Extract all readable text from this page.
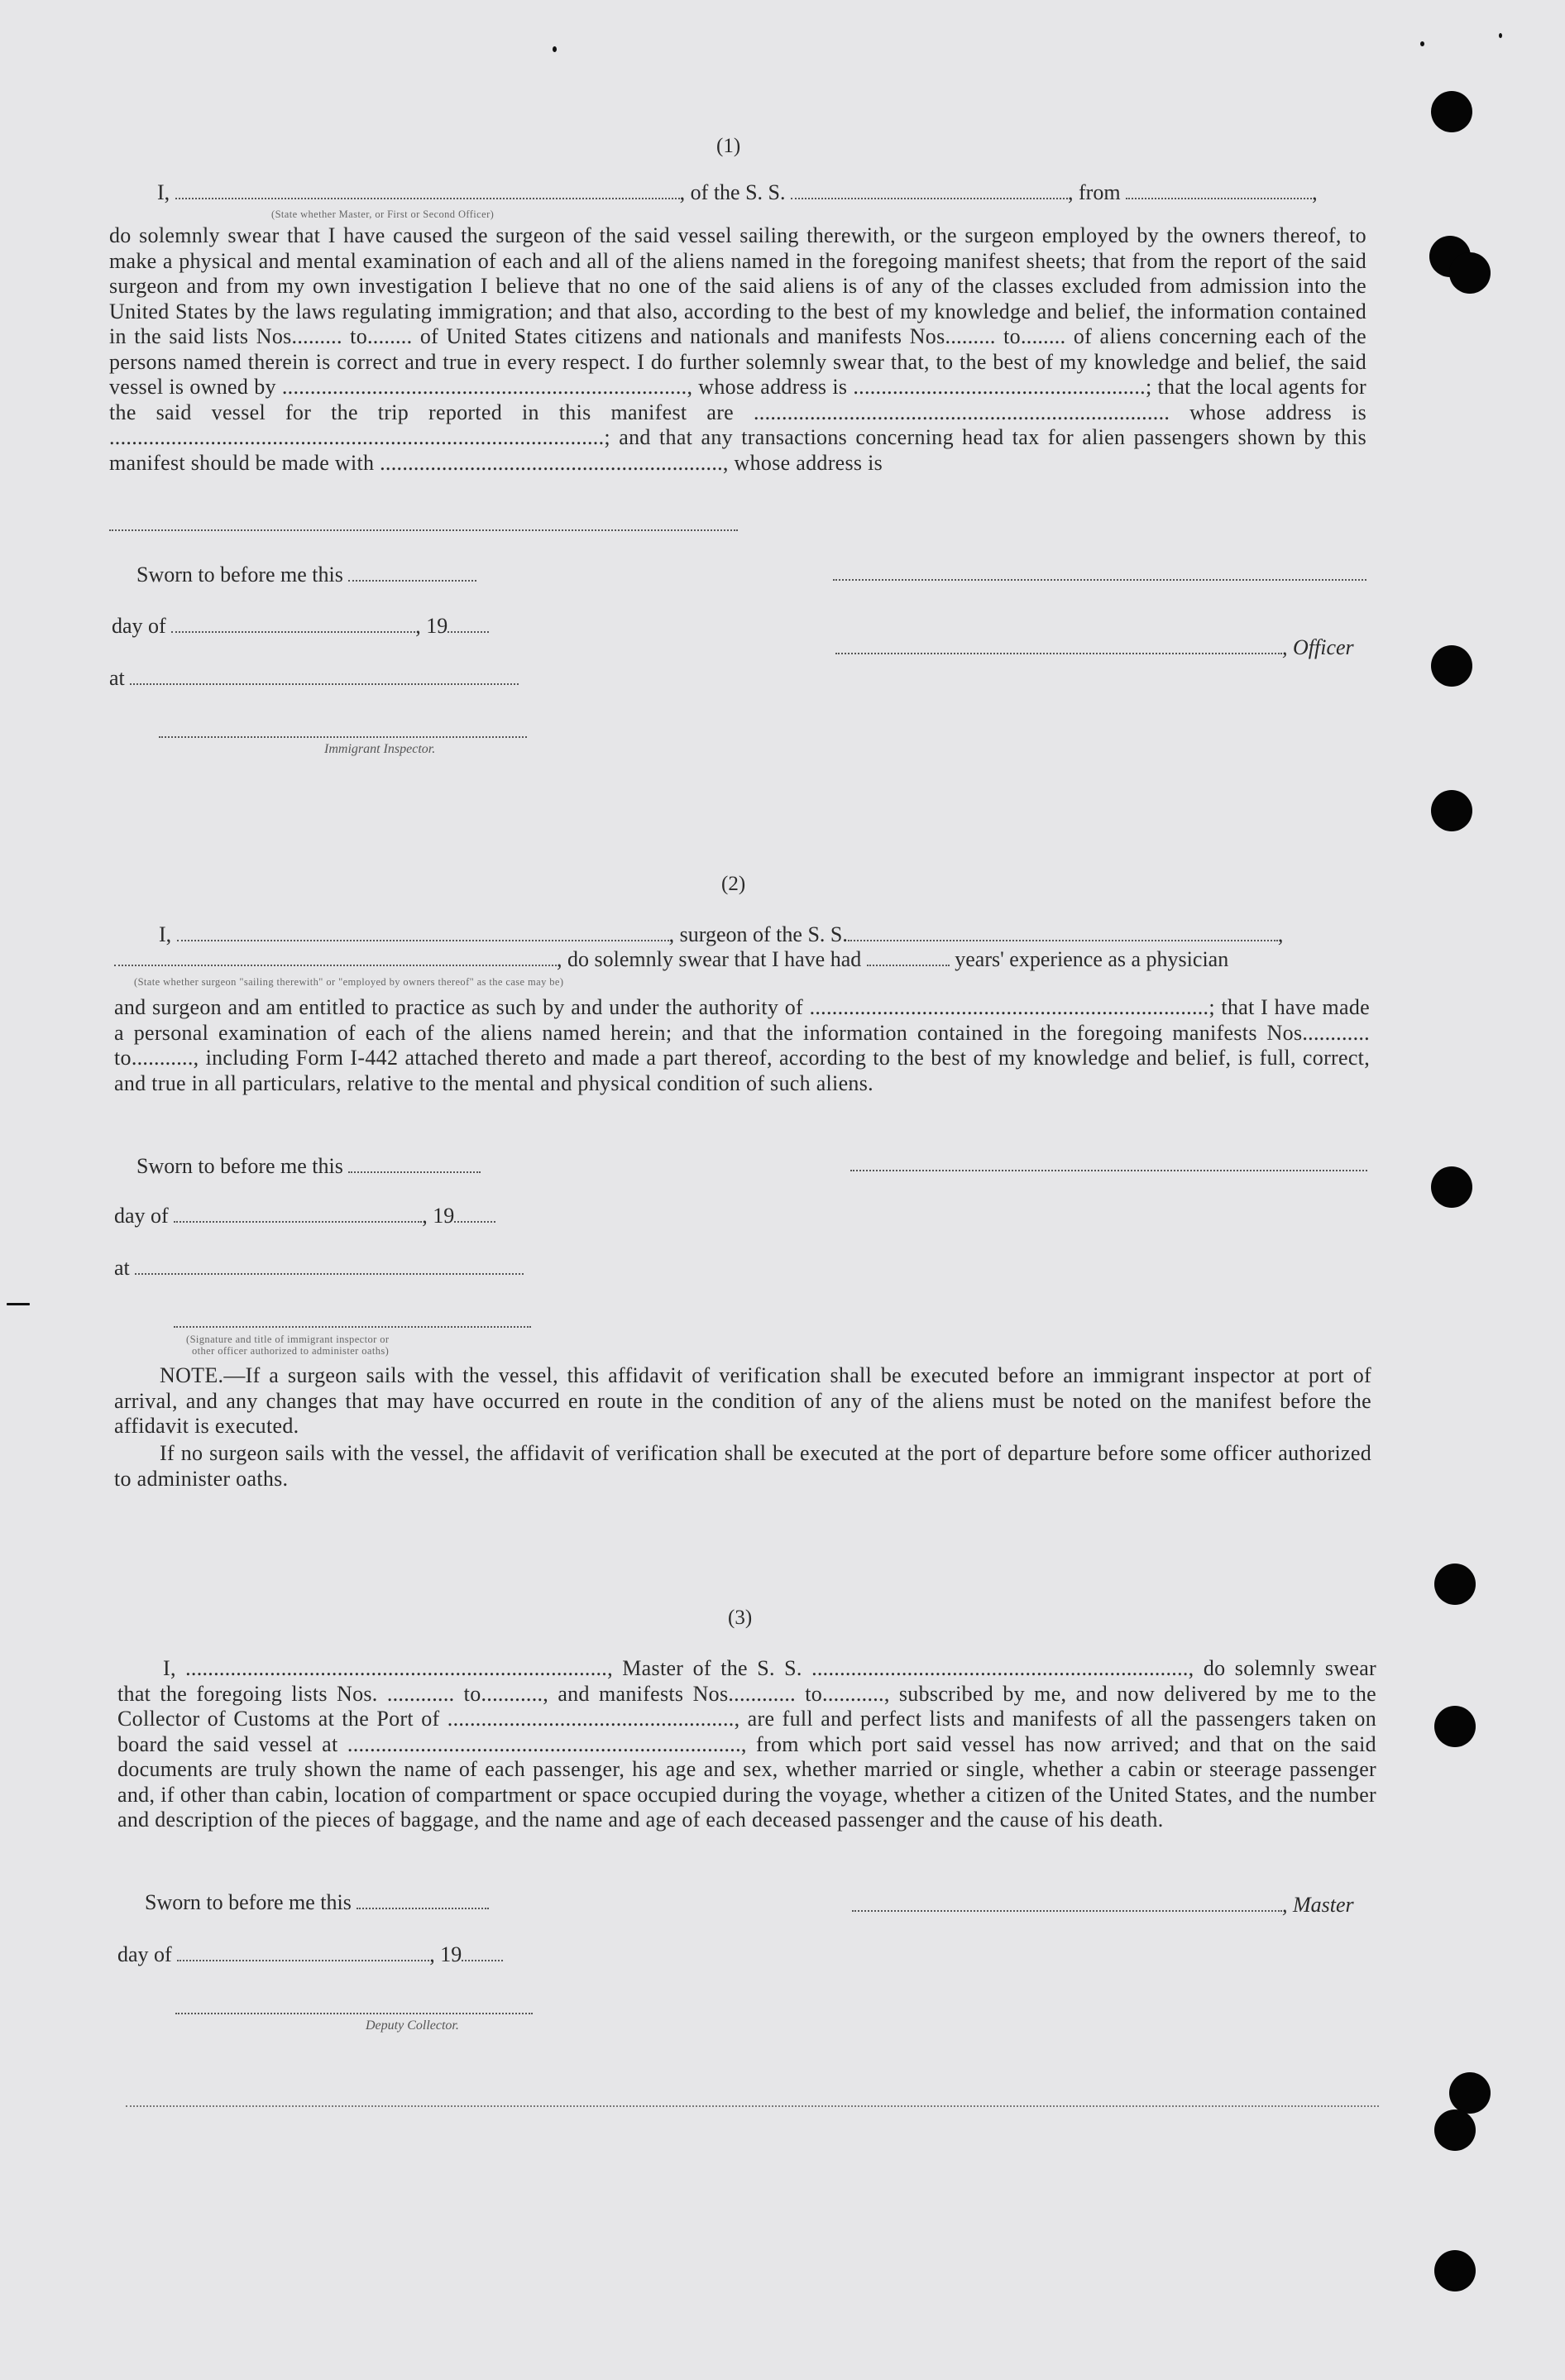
(1)
I,	, of the S. S.	, from	,
(State whether Master, or First or Second Officer)
do solemnly swear that I have caused the surgeon of the said vessel sailing therewith, or the surgeon employed by the owners thereof, to make a physical and mental examination of each and all of the aliens named in the foregoing manifest sheets; that from the report of the said surgeon and from my own investigation I believe that no one of the said aliens is of any of the classes excluded from admission into the United States by the laws regulating immigration; and that also, according to the best of my knowledge and belief, the information contained in the said lists Nos......... to........ of United States citizens and nationals and manifests Nos......... to........ of aliens concerning each of the persons named therein is correct and true in every respect. I do further solemnly swear that, to the best of my knowledge and belief, the said vessel is owned by ........................................................................, whose address is ....................................................; that the local agents for the said vessel for the trip reported in this manifest are .......................................................................... whose address is ........................................................................................; and that any transactions concerning head tax for alien passengers shown by this manifest should be made with ............................................................., whose address is
Sworn to before me this
day of	, 19
, Officer
at
Immigrant Inspector.
(2)
I,	, surgeon of the S. S.	,
, do solemnly swear that I have had	years' experience as a physician
(State whether surgeon "sailing therewith" or "employed by owners thereof" as the case may be)
and surgeon and am entitled to practice as such by and under the authority of .......................................................................; that I have made a personal examination of each of the aliens named herein; and that the information contained in the foregoing manifests Nos............ to..........., including Form I-442 attached thereto and made a part thereof, according to the best of my knowledge and belief, is full, correct, and true in all particulars, relative to the mental and physical condition of such aliens.
Sworn to before me this
day of	, 19
at
(Signature and title of immigrant inspector or
other officer authorized to administer oaths)
NOTE.—If a surgeon sails with the vessel, this affidavit of verification shall be executed before an immigrant inspector at port of arrival, and any changes that may have occurred en route in the condition of any of the aliens must be noted on the manifest before the affidavit is executed.
If no surgeon sails with the vessel, the affidavit of verification shall be executed at the port of departure before some officer authorized to administer oaths.
(3)
I, ..........................................................................., Master of the S. S. ..................................................................., do solemnly swear that the foregoing lists Nos. ............ to..........., and manifests Nos............ to..........., subscribed by me, and now delivered by me to the Collector of Customs at the Port of ..................................................., are full and perfect lists and manifests of all the passengers taken on board the said vessel at ......................................................................, from which port said vessel has now arrived; and that on the said documents are truly shown the name of each passenger, his age and sex, whether married or single, whether a cabin or steerage passenger and, if other than cabin, location of compartment or space occupied during the voyage, whether a citizen of the United States, and the number and description of the pieces of baggage, and the name and age of each deceased passenger and the cause of his death.
Sworn to before me this	, Master
day of	, 19
Deputy Collector.
